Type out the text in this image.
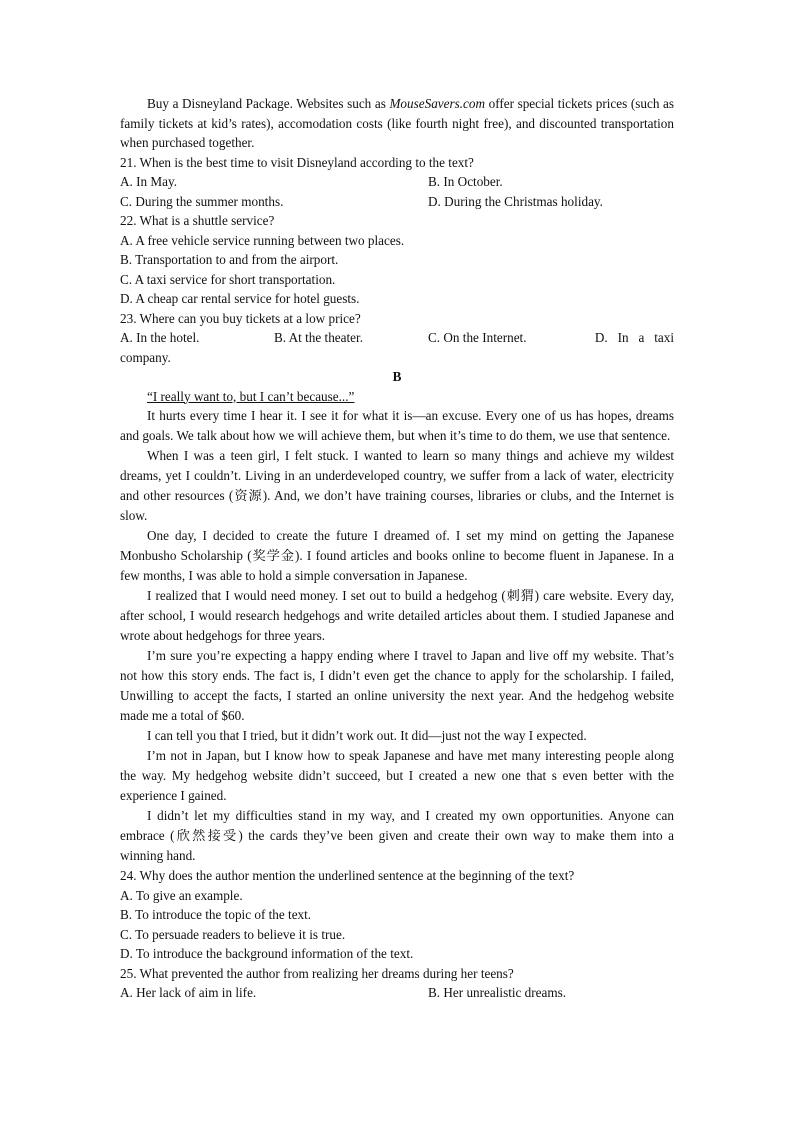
Buy a Disneyland Package. Websites such as MouseSavers.com offer special tickets prices (such as family tickets at kid’s rates), accomodation costs (like fourth night free), and discounted transportation when purchased together.

21. When is the best time to visit Disneyland according to the text?

A. In May.	B. In October.
C. During the summer months.	D. During the Christmas holiday.

22. What is a shuttle service?

A. A free vehicle service running between two places.

B. Transportation to and from the airport.

C. A taxi service for short transportation.

D. A cheap car rental service for hotel guests.

23. Where can you buy tickets at a low price?

A. In the hotel.	B. At the theater.	C. On the Internet.	D.   In   a   taxi

company.

B

“I really want to, but I can’t because...”

It hurts every time I hear it. I see it for what it is—an excuse. Every one of us has hopes, dreams and goals. We talk about how we will achieve them, but when it’s time to do them, we use that sentence.

When I was a teen girl, I felt stuck. I wanted to learn so many things and achieve my wildest dreams, yet I couldn’t. Living in an underdeveloped country, we suffer from a lack of water, electricity and other resources (资源). And, we don’t have training courses, libraries or clubs, and the Internet is slow.

One day, I decided to create the future I dreamed of. I set my mind on getting the Japanese Monbusho Scholarship (奖学金). I found articles and books online to become fluent in Japanese. In a few months, I was able to hold a simple conversation in Japanese.

I realized that I would need money. I set out to build a hedgehog (刺猬) care website. Every day, after school, I would research hedgehogs and write detailed articles about them. I studied Japanese and wrote about hedgehogs for three years.

I’m sure you’re expecting a happy ending where I travel to Japan and live off my website. That’s not how this story ends. The fact is, I didn’t even get the chance to apply for the scholarship. I failed, Unwilling to accept the facts, I started an online university the next year. And the hedgehog website made me a total of $60.

I can tell you that I tried, but it didn’t work out. It did—just not the way I expected.

I’m not in Japan, but I know how to speak Japanese and have met many interesting people along the way. My hedgehog website didn’t succeed, but I created a new one that s even better with the experience I gained.

I didn’t let my difficulties stand in my way, and I created my own opportunities. Anyone can embrace (欣然接受) the cards they’ve been given and create their own way to make them into a winning hand.

24. Why does the author mention the underlined sentence at the beginning of the text?

A. To give an example.

B. To introduce the topic of the text.

C. To persuade readers to believe it is true.

D. To introduce the background information of the text.

25. What prevented the author from realizing her dreams during her teens?

A. Her lack of aim in life.	B. Her unrealistic dreams.
